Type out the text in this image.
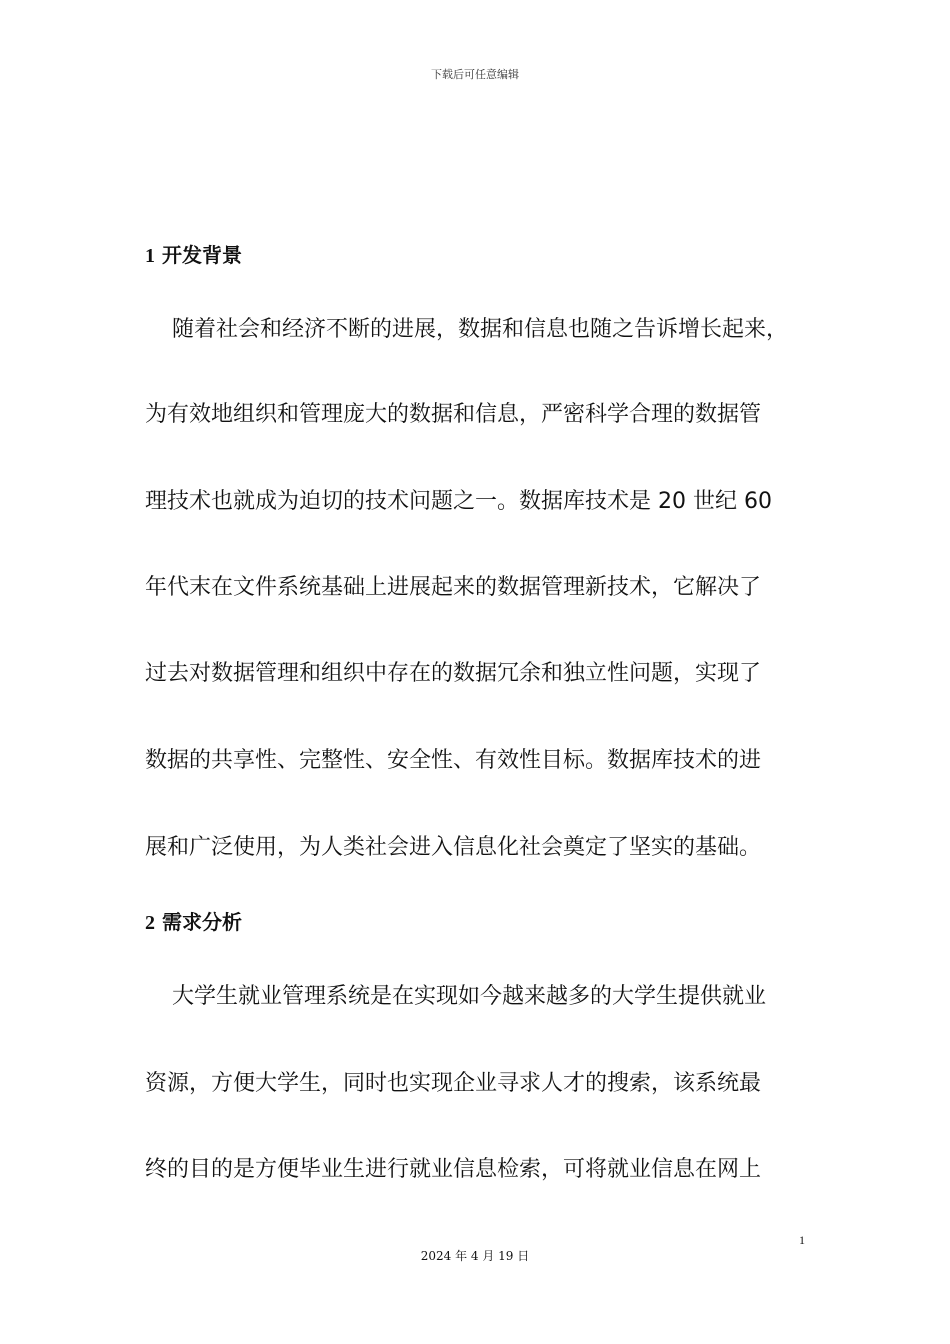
下载后可任意编辑
1 开发背景
随着社会和经济不断的进展，数据和信息也随之告诉增长起来，
为有效地组织和管理庞大的数据和信息，严密科学合理的数据管
理技术也就成为迫切的技术问题之一。数据库技术是 20 世纪 60
年代末在文件系统基础上进展起来的数据管理新技术，它解决了
过去对数据管理和组织中存在的数据冗余和独立性问题，实现了
数据的共享性、完整性、安全性、有效性目标。数据库技术的进
展和广泛使用，为人类社会进入信息化社会奠定了坚实的基础。
2 需求分析
大学生就业管理系统是在实现如今越来越多的大学生提供就业
资源，方便大学生，同时也实现企业寻求人才的搜索，该系统最
终的目的是方便毕业生进行就业信息检索，可将就业信息在网上
1
2024 年 4 月 19 日
